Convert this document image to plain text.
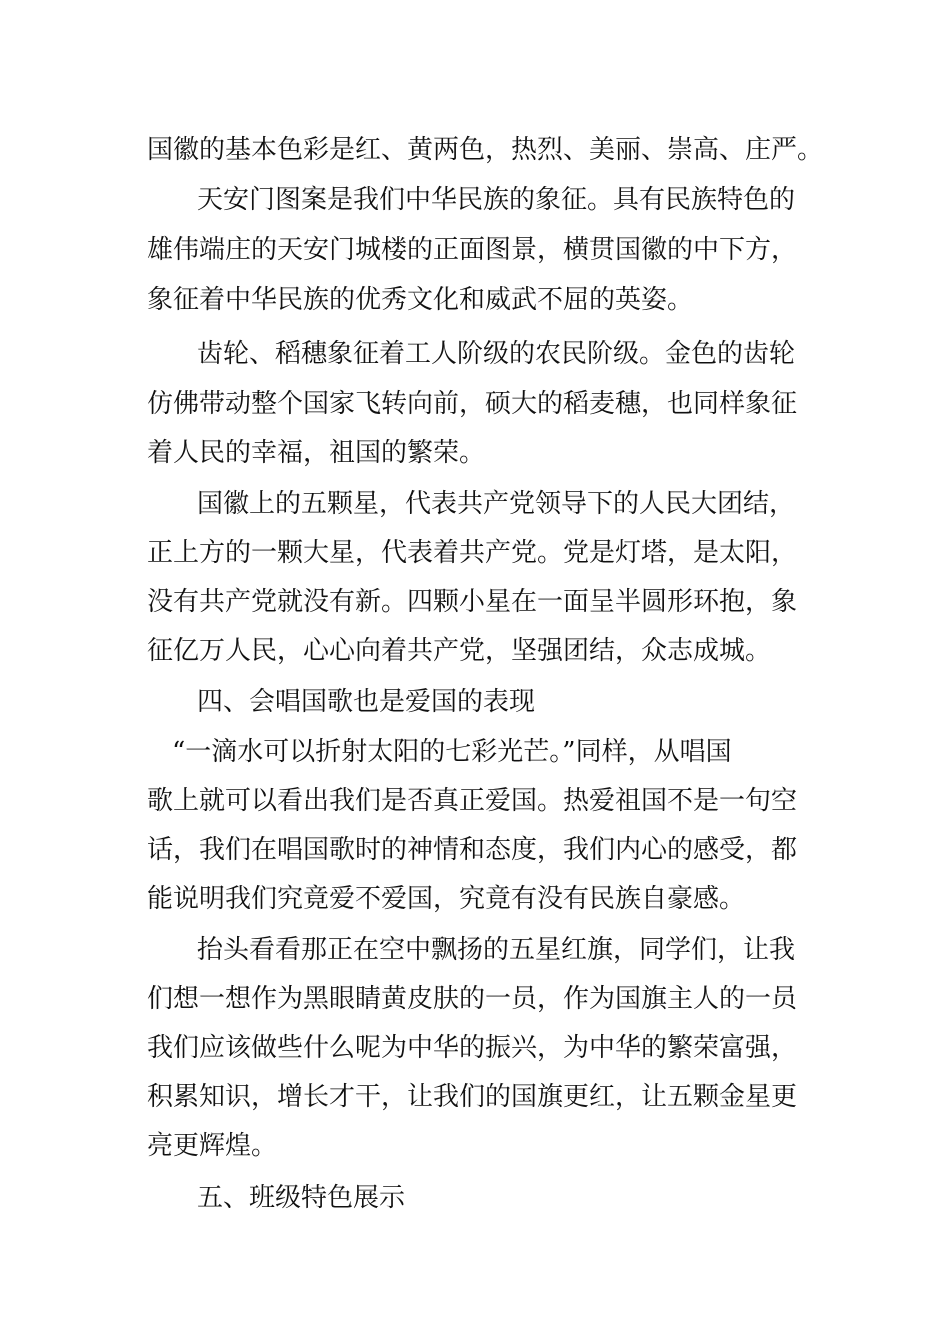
国徽的基本色彩是红、黄两色，热烈、美丽、崇高、庄严。
天安门图案是我们中华民族的象征。具有民族特色的
雄伟端庄的天安门城楼的正面图景，横贯国徽的中下方，
象征着中华民族的优秀文化和威武不屈的英姿。
齿轮、稻穗象征着工人阶级的农民阶级。金色的齿轮
仿佛带动整个国家飞转向前，硕大的稻麦穗，也同样象征
着人民的幸福，祖国的繁荣。
国徽上的五颗星，代表共产党领导下的人民大团结，
正上方的一颗大星，代表着共产党。党是灯塔，是太阳，
没有共产党就没有新。四颗小星在一面呈半圆形环抱，象
征亿万人民，心心向着共产党，坚强团结，众志成城。
四、会唱国歌也是爱国的表现
“一滴水可以折射太阳的七彩光芒。”同样，从唱国
歌上就可以看出我们是否真正爱国。热爱祖国不是一句空
话，我们在唱国歌时的神情和态度，我们内心的感受，都
能说明我们究竟爱不爱国，究竟有没有民族自豪感。
抬头看看那正在空中飘扬的五星红旗，同学们，让我
们想一想作为黑眼睛黄皮肤的一员，作为国旗主人的一员
我们应该做些什么呢为中华的振兴，为中华的繁荣富强，
积累知识，增长才干，让我们的国旗更红，让五颗金星更
亮更辉煌。
五、班级特色展示
